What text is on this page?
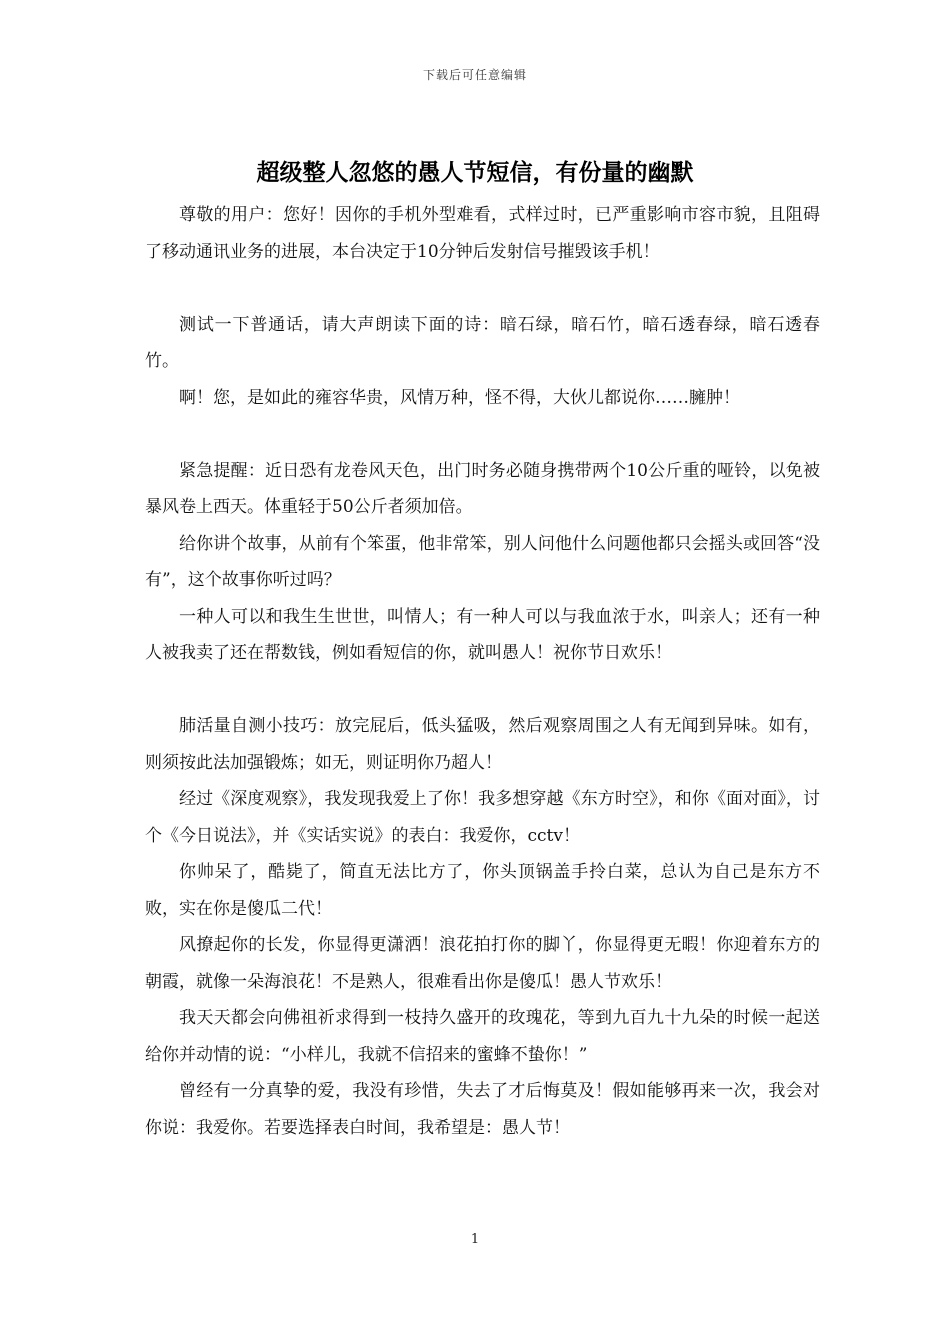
下载后可任意编辑
超级整人忽悠的愚人节短信，有份量的幽默

尊敬的用户：您好！因你的手机外型难看，式样过时，已严重影响市容市貌，且阻碍了移动通讯业务的进展，本台决定于10分钟后发射信号摧毁该手机！

测试一下普通话，请大声朗读下面的诗：暗石绿，暗石竹，暗石透春绿，暗石透春竹。

啊！您，是如此的雍容华贵，风情万种，怪不得，大伙儿都说你……臃肿！

紧急提醒：近日恐有龙卷风天色，出门时务必随身携带两个10公斤重的哑铃，以免被暴风卷上西天。体重轻于50公斤者须加倍。

给你讲个故事，从前有个笨蛋，他非常笨，别人问他什么问题他都只会摇头或回答“没有”，这个故事你听过吗？

一种人可以和我生生世世，叫情人；有一种人可以与我血浓于水，叫亲人；还有一种人被我卖了还在帮数钱，例如看短信的你，就叫愚人！祝你节日欢乐！

肺活量自测小技巧：放完屁后，低头猛吸，然后观察周围之人有无闻到异味。如有，则须按此法加强锻炼；如无，则证明你乃超人！

经过《深度观察》，我发现我爱上了你！我多想穿越《东方时空》，和你《面对面》，讨个《今日说法》，并《实话实说》的表白：我爱你，cctv！

你帅呆了，酷毙了，简直无法比方了，你头顶锅盖手拎白菜，总认为自己是东方不败，实在你是傻瓜二代！

风撩起你的长发，你显得更潇洒！浪花拍打你的脚丫，你显得更无暇！你迎着东方的朝霞，就像一朵海浪花！不是熟人，很难看出你是傻瓜！愚人节欢乐！

我天天都会向佛祖祈求得到一枝持久盛开的玫瑰花，等到九百九十九朵的时候一起送给你并动情的说：“小样儿，我就不信招来的蜜蜂不蛰你！”

曾经有一分真挚的爱，我没有珍惜，失去了才后悔莫及！假如能够再来一次，我会对你说：我爱你。若要选择表白时间，我希望是：愚人节！

1
